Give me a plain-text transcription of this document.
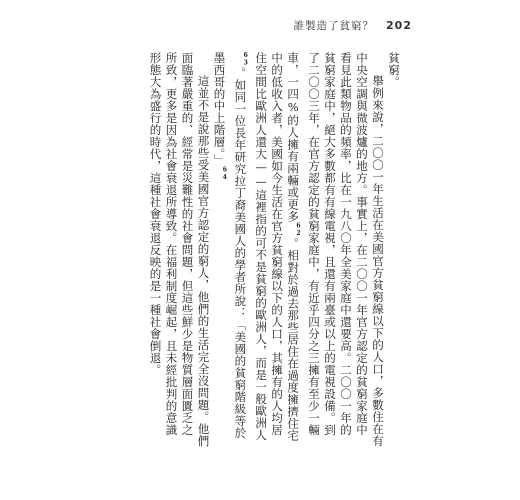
誰製造了貧窮？ 202

貧窮。

舉例來說，二〇〇一年生活在美國官方貧窮線以下的人口，多數住在有中央空調與微波爐的地方。事實上，在二〇〇一年官方認定的貧窮家庭中看見此類物品的頻率，比在一九八〇年全美家庭中還要高。二〇〇一年的貧窮家庭中，絕大多數都有有線電視，且還有兩臺或以上的電視設備。到了二〇〇三年，在官方認定的貧窮家庭中，有近乎四分之三擁有至少一輛車，一四%的人擁有兩輛或更多$^{62}$。相對於過去那些居住在過度擁擠住宅中的低收入者，美國如今生活在官方貧窮線以下的人口，其擁有的人均居住空間比歐洲人還大——這裡指的可不是貧窮的歐洲人，而是一般歐洲人$^{63}$。如同一位長年研究拉丁裔美國人的學者所說：「美國的貧窮階級等於墨西哥的中上階層。」$^{64}$

這並不是說那些受美國官方認定的窮人，他們的生活完全沒問題。他們面臨著嚴重的、經常是災難性的社會問題，但這些鮮少是物質層面匱乏之所致，更多是因為社會衰退所導致。在福利制度崛起，且未經批判的意識形態大為盛行的時代，這種社會衰退反映的是一種社會倒退。
